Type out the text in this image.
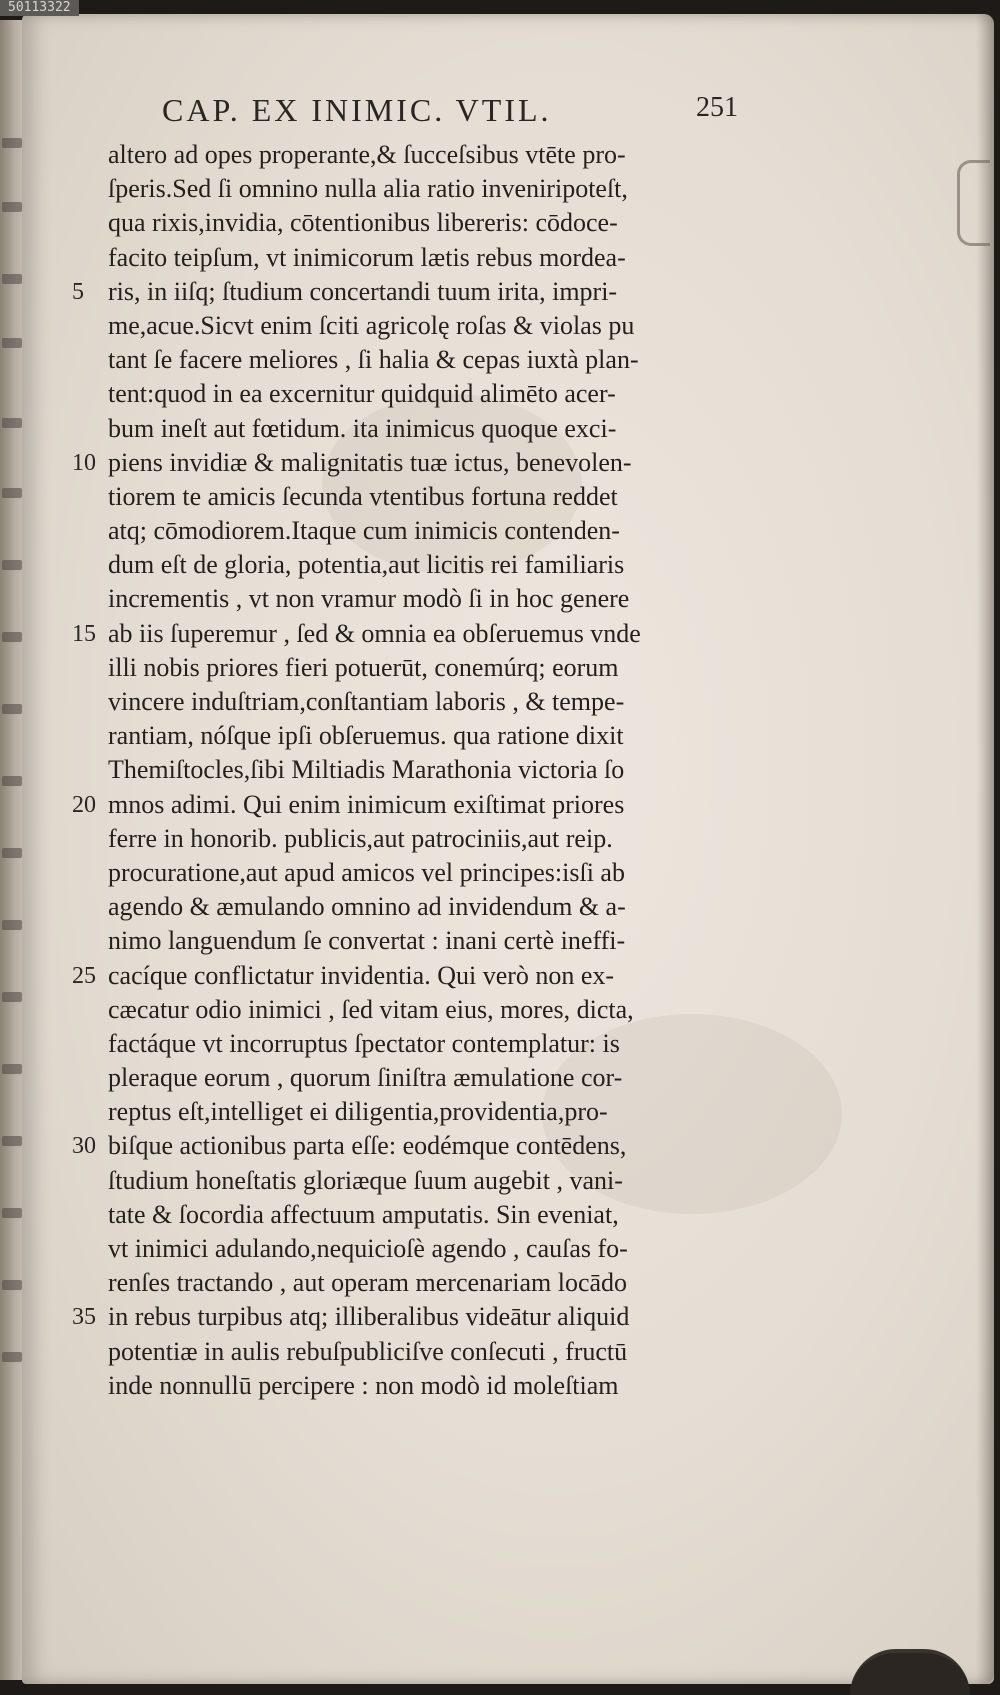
CAP. EX INIMIC. VTIL.	251
altero ad opes properante,& ſucceſsibus vtēte pro-
ſperis.Sed ſi omnino nulla alia ratio inveniripoteſt,
qua rixis,invidia, cōtentionibus libereris: cōdoce-
facito teipſum, vt inimicorum lætis rebus mordea-
5 ris, in iiſq; ſtudium concertandi tuum irita, impri-
me,acue.Sicvt enim ſciti agricolę roſas & violas pu
tant ſe facere meliores , ſi halia & cepas iuxtà plan-
tent:quod in ea excernitur quidquid alimēto acer-
bum ineſt aut fœtidum. ita inimicus quoque exci-
10 piens invidiæ & malignitatis tuæ ictus, benevolen-
tiorem te amicis ſecunda vtentibus fortuna reddet
atq; cōmodiorem.Itaque cum inimicis contenden-
dum eſt de gloria, potentia,aut licitis rei familiaris
incrementis , vt non vramur modò ſi in hoc genere
15 ab iis ſuperemur , ſed & omnia ea obſeruemus vnde
illi nobis priores fieri potuerūt, conemúrq; eorum
vincere induſtriam,conſtantiam laboris , & tempe-
rantiam, nóſque ipſi obſeruemus. qua ratione dixit
Themiſtocles,ſibi Miltiadis Marathonia victoria ſo
20 mnos adimi. Qui enim inimicum exiſtimat priores
ferre in honorib. publicis,aut patrociniis,aut reip.
procuratione,aut apud amicos vel principes:isſi ab
agendo & æmulando omnino ad invidendum & a-
nimo languendum ſe convertat : inani certè ineffi-
25 cacíque conflictatur invidentia. Qui verò non ex-
cæcatur odio inimici , ſed vitam eius, mores, dicta,
factáque vt incorruptus ſpectator contemplatur: is
pleraque eorum , quorum ſiniſtra æmulatione cor-
reptus eſt,intelliget ei diligentia,providentia,pro-
30 biſque actionibus parta eſſe: eodémque contēdens,
ſtudium honeſtatis gloriæque ſuum augebit , vani-
tate & ſocordia affectuum amputatis. Sin eveniat,
vt inimici adulando,nequicioſè agendo , cauſas fo-
renſes tractando , aut operam mercenariam locādo
35 in rebus turpibus atq; illiberalibus videātur aliquid
potentiæ in aulis rebuſpubliciſve conſecuti , fructū
inde nonnullū percipere : non modò id moleſtiam
50113322
